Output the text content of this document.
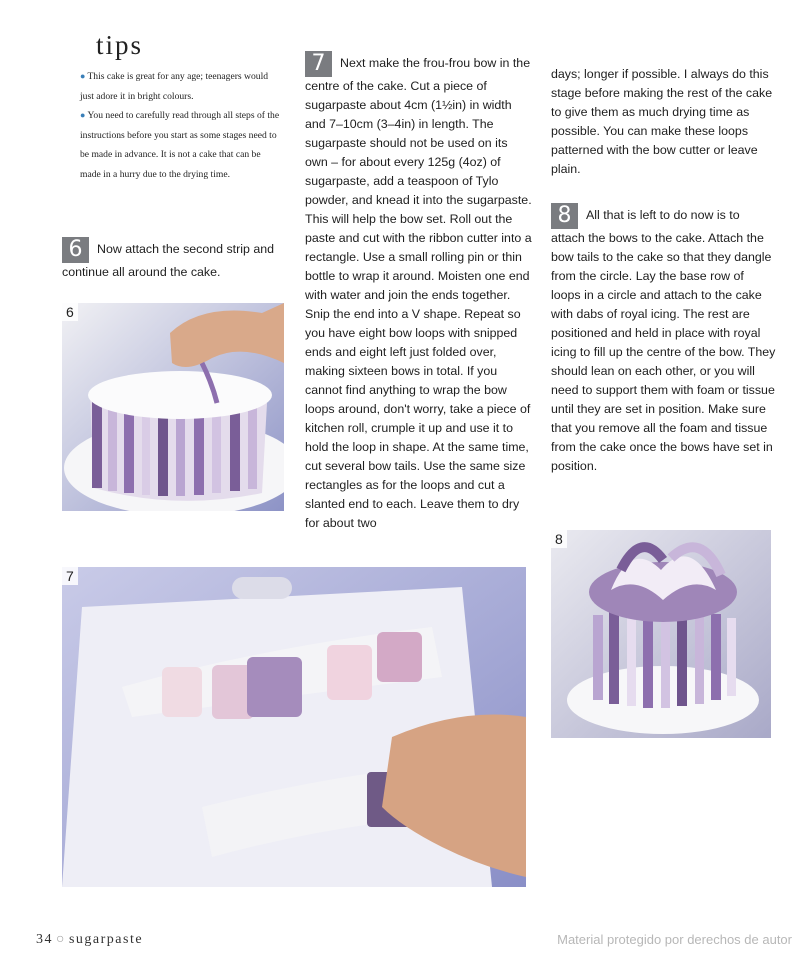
tips
● This cake is great for any age; teenagers would just adore it in bright colours.
● You need to carefully read through all steps of the instructions before you start as some stages need to be made in advance. It is not a cake that can be made in a hurry due to the drying time.

6 Now attach the second strip and continue all around the cake.

6

7 Next make the frou-frou bow in the centre of the cake. Cut a piece of sugarpaste about 4cm (1½in) in width and 7–10cm (3–4in) in length. The sugarpaste should not be used on its own – for about every 125g (4oz) of sugarpaste, add a teaspoon of Tylo powder, and knead it into the sugarpaste. This will help the bow set. Roll out the paste and cut with the ribbon cutter into a rectangle. Use a small rolling pin or thin bottle to wrap it around. Moisten one end with water and join the ends together. Snip the end into a V shape. Repeat so you have eight bow loops with snipped ends and eight left just folded over, making sixteen bows in total. If you cannot find anything to wrap the bow loops around, don't worry, take a piece of kitchen roll, crumple it up and use it to hold the loop in shape. At the same time, cut several bow tails. Use the same size rectangles as for the loops and cut a slanted end to each. Leave them to dry for about two

days; longer if possible. I always do this stage before making the rest of the cake to give them as much drying time as possible. You can make these loops patterned with the bow cutter or leave plain.

8 All that is left to do now is to attach the bows to the cake. Attach the bow tails to the cake so that they dangle from the circle. Lay the base row of loops in a circle and attach to the cake with dabs of royal icing. The rest are positioned and held in place with royal icing to fill up the centre of the bow. They should lean on each other, or you will need to support them with foam or tissue until they are set in position. Make sure that you remove all the foam and tissue from the cake once the bows have set in position.

7
8
34 ○ sugarpaste	Material protegido por derechos de autor
